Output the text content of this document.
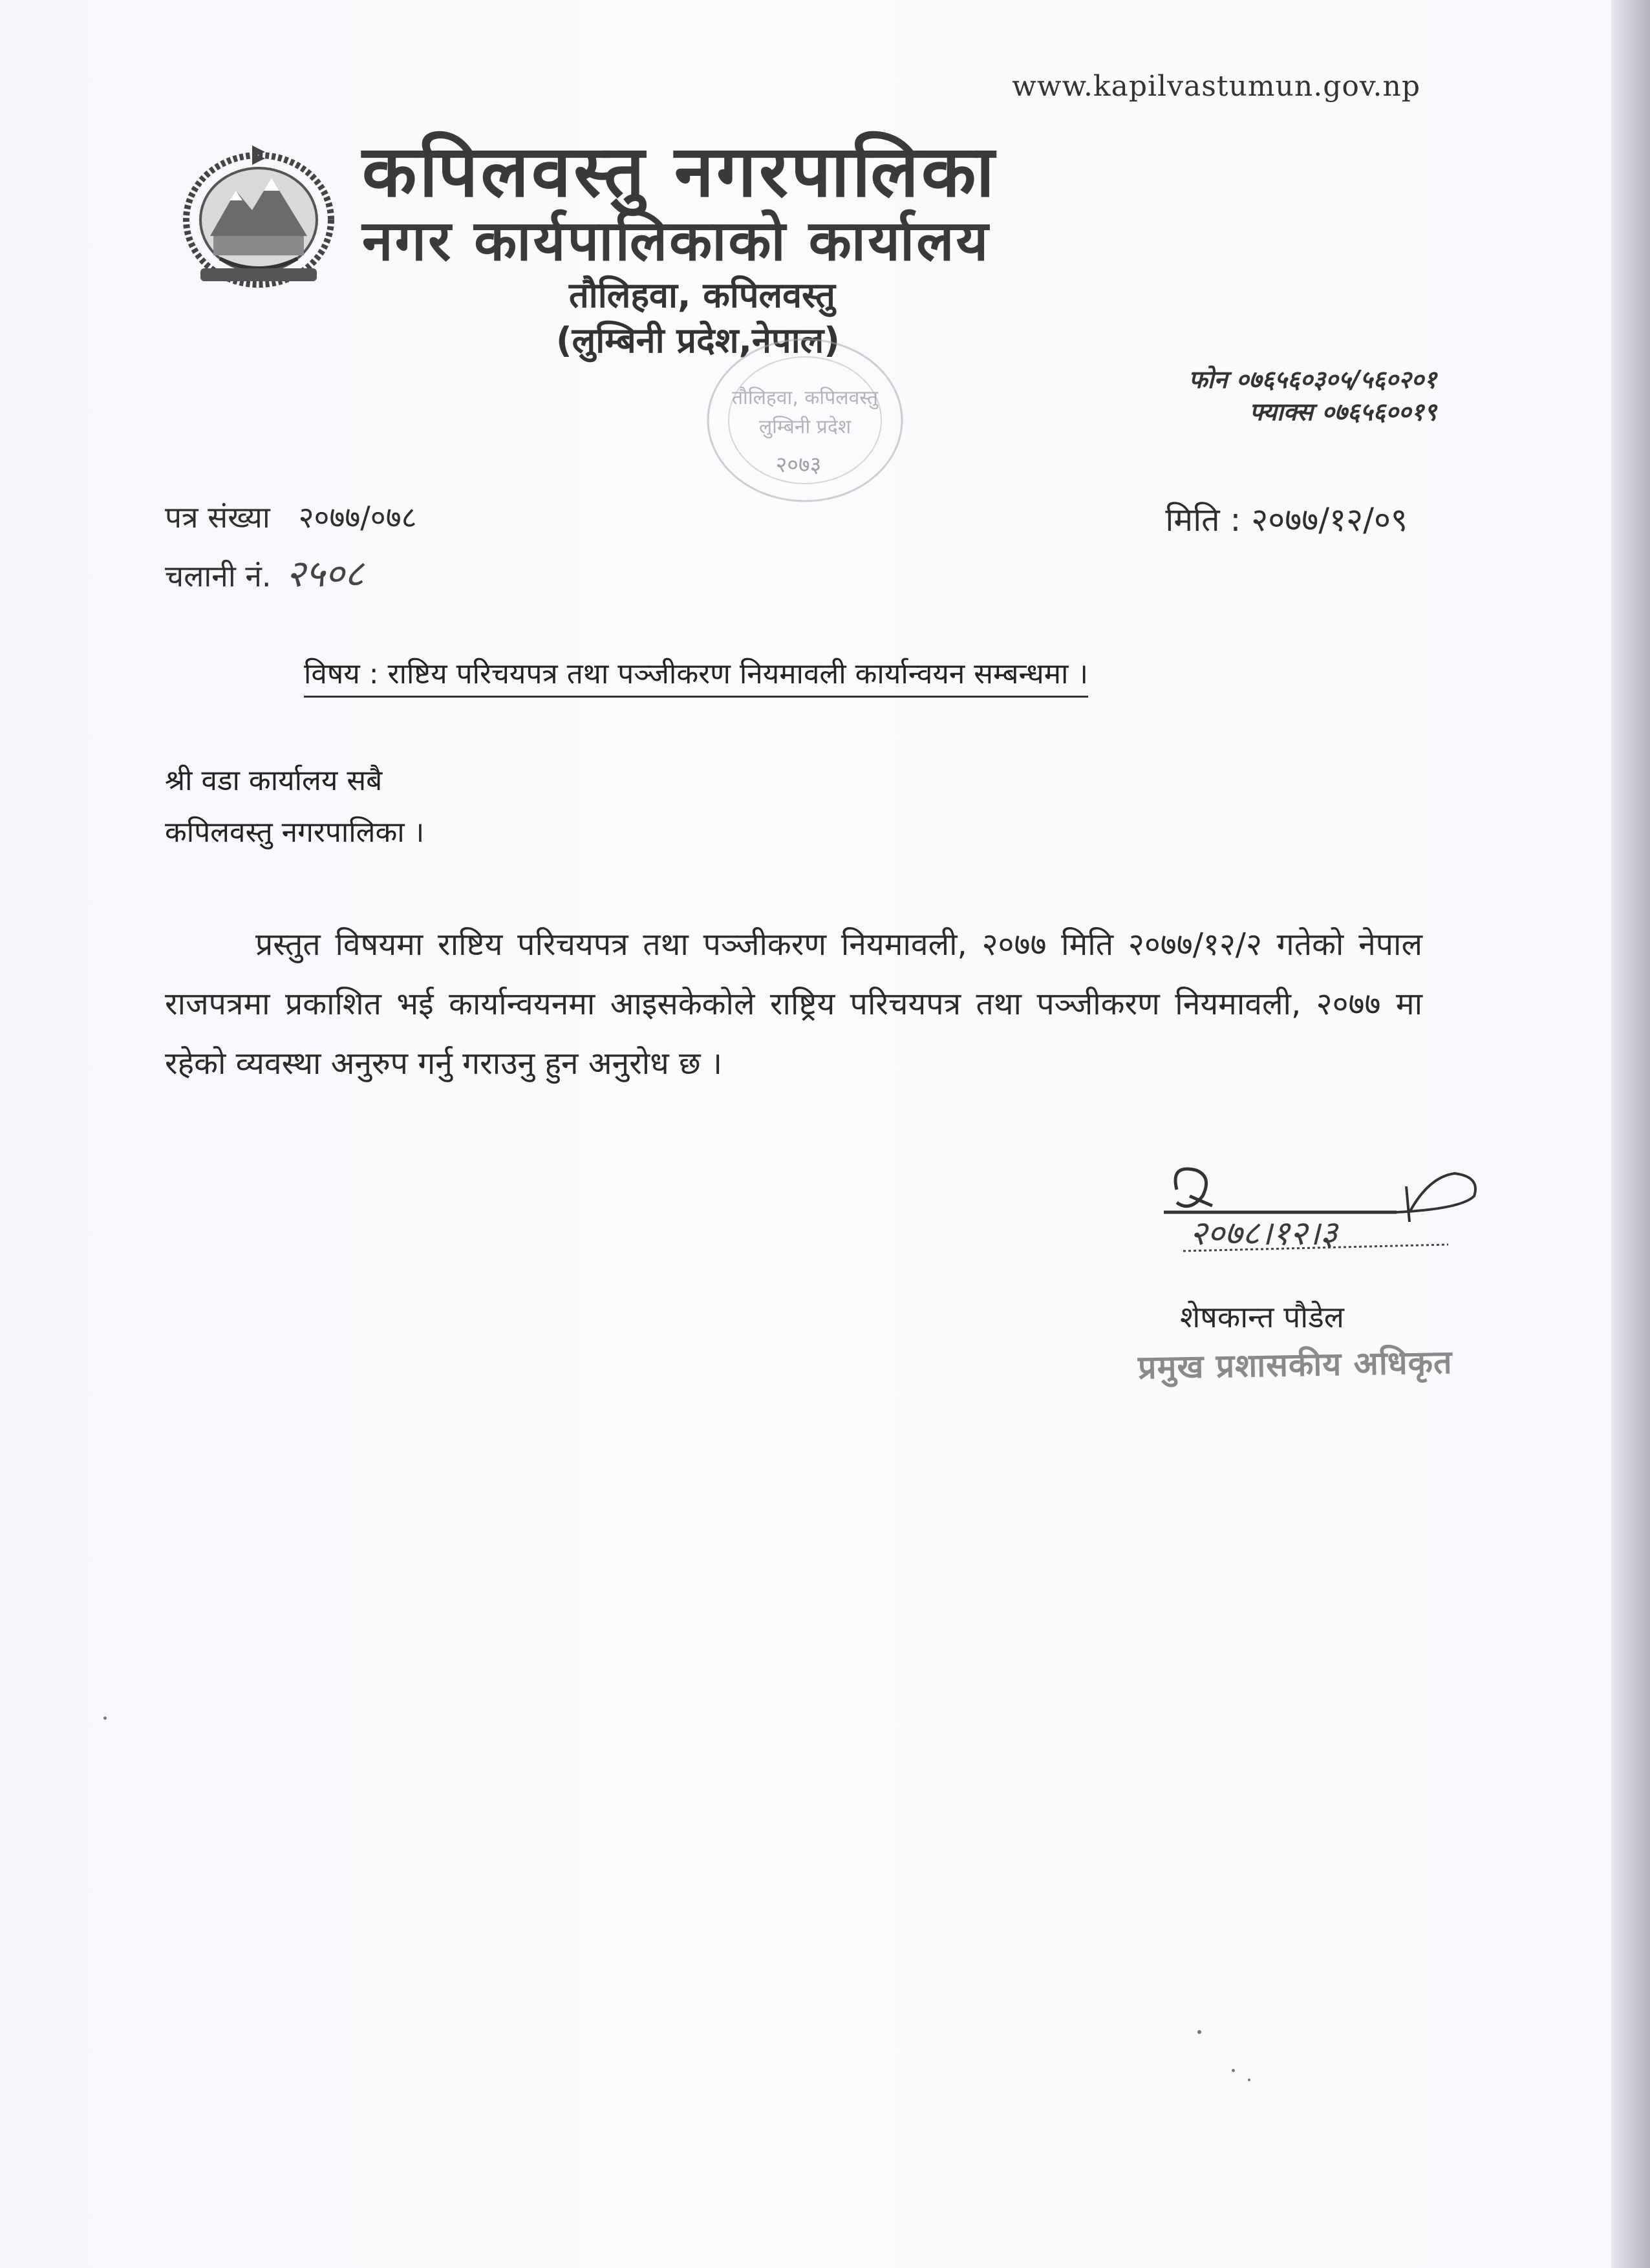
www.kapilvastumun.gov.np
कपिलवस्तु नगरपालिका
नगर कार्यपालिकाको कार्यालय
तौलिहवा, कपिलवस्तु
(लुम्बिनी प्रदेश,नेपाल)
फोन ०७६५६०३०५/५६०२०१
फ्याक्स ०७६५६००१९
तौलिहवा, कपिलवस्तु
लुम्बिनी प्रदेश
२०७३
पत्र संख्या २०७७/०७८
चलानी नं. २५०८
मिति : २०७७/१२/०९
विषय : राष्टिय परिचयपत्र तथा पञ्जीकरण नियमावली कार्यान्वयन सम्बन्धमा ।
श्री वडा कार्यालय सबै
कपिलवस्तु नगरपालिका ।
प्रस्तुत विषयमा राष्टिय परिचयपत्र तथा पञ्जीकरण नियमावली, २०७७ मिति २०७७/१२/२ गतेको नेपाल राजपत्रमा प्रकाशित भई कार्यान्वयनमा आइसकेकोले राष्ट्रिय परिचयपत्र तथा पञ्जीकरण नियमावली, २०७७ मा रहेको व्यवस्था अनुरुप गर्नु गराउनु हुन अनुरोध छ ।
२०७८।१२।३
शेषकान्त पौडेल
प्रमुख प्रशासकीय अधिकृत
